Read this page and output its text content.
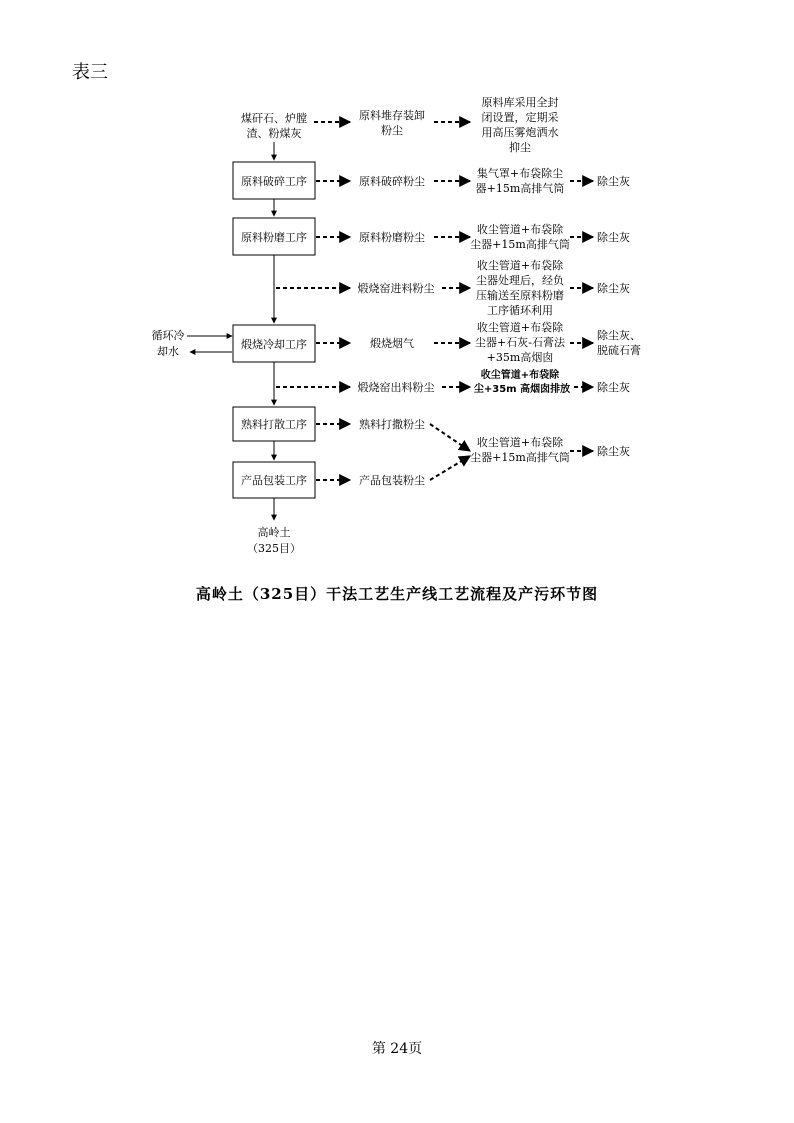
表三
煤矸石、炉膛
渣、粉煤灰
原料破碎工序
原料粉磨工序
煅烧冷却工序
熟料打散工序
产品包装工序
循环冷
却水
高岭土
（325目）
原料堆存装卸
粉尘
原料破碎粉尘
原料粉磨粉尘
煅烧窑进料粉尘
煅烧烟气
煅烧窑出料粉尘
熟料打撒粉尘
产品包装粉尘
原料库采用全封
闭设置，定期采
用高压雾炮洒水
抑尘
集气罩+布袋除尘
器+15m高排气筒
收尘管道+布袋除
尘器+15m高排气筒
收尘管道+布袋除
尘器处理后，经负
压输送至原料粉磨
工序循环利用
收尘管道+布袋除
尘器+石灰-石膏法
+35m高烟囱
收尘管道+布袋除
尘+35m 高烟囱排放
收尘管道+布袋除
尘器+15m高排气筒
除尘灰
除尘灰
除尘灰
除尘灰、
脱硫石膏
除尘灰
除尘灰
高岭土（325目）干法工艺生产线工艺流程及产污环节图
第 24页
